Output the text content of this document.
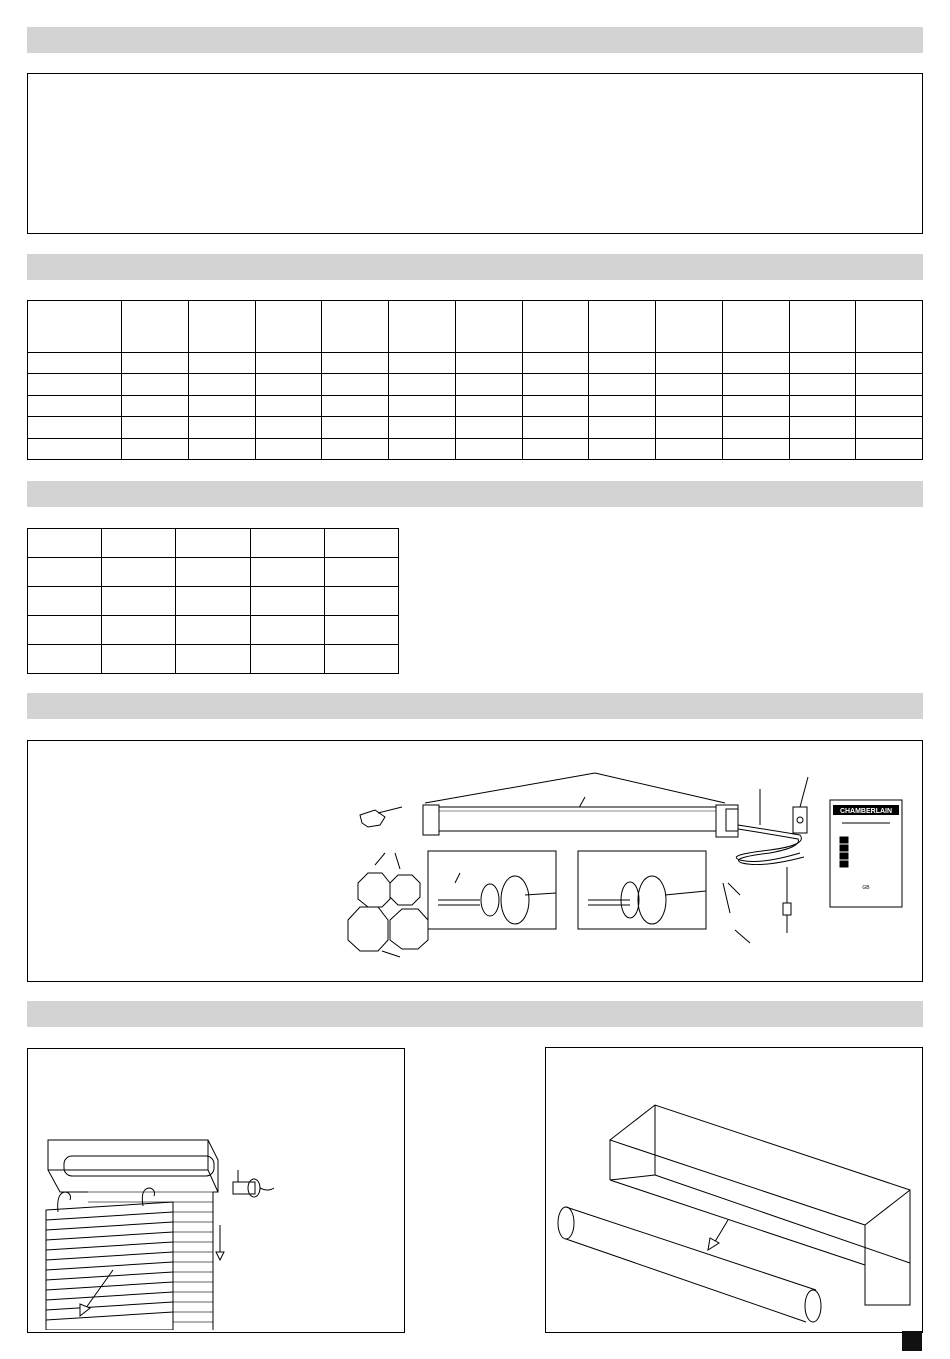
CHAMBERLAIN
GB
